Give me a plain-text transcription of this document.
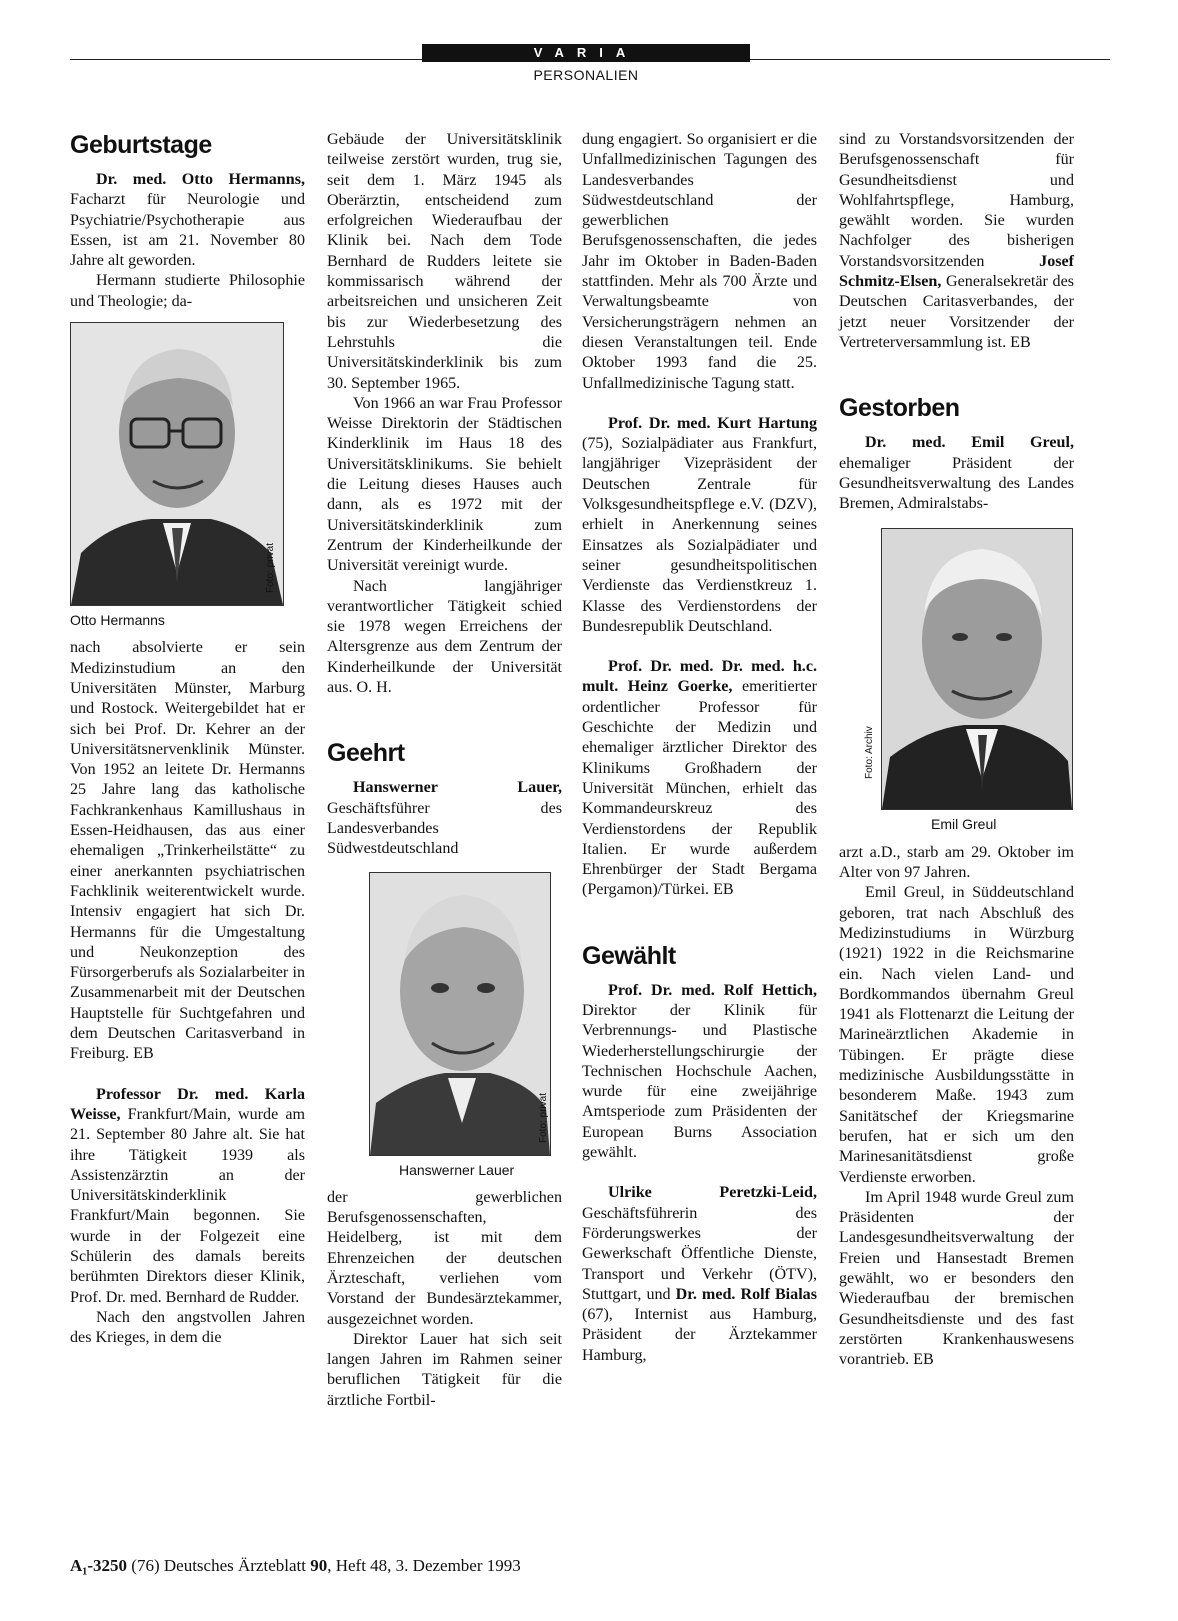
VARIA
PERSONALIEN
Geburtstage

Dr. med. Otto Hermanns, Facharzt für Neurologie und Psychiatrie/Psychotherapie aus Essen, ist am 21. November 80 Jahre alt geworden.

Hermann studierte Philosophie und Theologie; da-

Foto: privat
Otto Hermanns

nach absolvierte er sein Medizinstudium an den Universitäten Münster, Marburg und Rostock. Weitergebildet hat er sich bei Prof. Dr. Kehrer an der Universitätsnervenklinik Münster. Von 1952 an leitete Dr. Hermanns 25 Jahre lang das katholische Fachkrankenhaus Kamillushaus in Essen-Heidhausen, das aus einer ehemaligen „Trinkerheilstätte“ zu einer anerkannten psychiatrischen Fachklinik weiterentwickelt wurde. Intensiv engagiert hat sich Dr. Hermanns für die Umgestaltung und Neukonzeption des Fürsorgerberufs als Sozialarbeiter in Zusammenarbeit mit der Deutschen Hauptstelle für Suchtgefahren und dem Deutschen Caritasverband in Freiburg. EB

Professor Dr. med. Karla Weisse, Frankfurt/Main, wurde am 21. September 80 Jahre alt. Sie hat ihre Tätigkeit 1939 als Assistenzärztin an der Universitätskinderklinik Frankfurt/Main begonnen. Sie wurde in der Folgezeit eine Schülerin des damals bereits berühmten Direktors dieser Klinik, Prof. Dr. med. Bernhard de Rudder.

Nach den angstvollen Jahren des Krieges, in dem die

Gebäude der Universitätsklinik teilweise zerstört wurden, trug sie, seit dem 1. März 1945 als Oberärztin, entscheidend zum erfolgreichen Wiederaufbau der Klinik bei. Nach dem Tode Bernhard de Rudders leitete sie kommissarisch während der arbeitsreichen und unsicheren Zeit bis zur Wiederbesetzung des Lehrstuhls die Universitätskinderklinik bis zum 30. September 1965.

Von 1966 an war Frau Professor Weisse Direktorin der Städtischen Kinderklinik im Haus 18 des Universitätsklinikums. Sie behielt die Leitung dieses Hauses auch dann, als es 1972 mit der Universitätskinderklinik zum Zentrum der Kinderheilkunde der Universität vereinigt wurde.

Nach langjähriger verantwortlicher Tätigkeit schied sie 1978 wegen Erreichens der Altersgrenze aus dem Zentrum der Kinderheilkunde der Universität aus. O. H.

Geehrt

Hanswerner Lauer, Geschäftsführer des Landesverbandes Südwestdeutschland

Foto: privat
Hanswerner Lauer

der gewerblichen Berufsgenossenschaften, Heidelberg, ist mit dem Ehrenzeichen der deutschen Ärzteschaft, verliehen vom Vorstand der Bundesärztekammer, ausgezeichnet worden.

Direktor Lauer hat sich seit langen Jahren im Rahmen seiner beruflichen Tätigkeit für die ärztliche Fortbil-

dung engagiert. So organisiert er die Unfallmedizinischen Tagungen des Landesverbandes Südwestdeutschland der gewerblichen Berufsgenossenschaften, die jedes Jahr im Oktober in Baden-Baden stattfinden. Mehr als 700 Ärzte und Verwaltungsbeamte von Versicherungsträgern nehmen an diesen Veranstaltungen teil. Ende Oktober 1993 fand die 25. Unfallmedizinische Tagung statt.

Prof. Dr. med. Kurt Hartung (75), Sozialpädiater aus Frankfurt, langjähriger Vizepräsident der Deutschen Zentrale für Volksgesundheitspflege e.V. (DZV), erhielt in Anerkennung seines Einsatzes als Sozialpädiater und seiner gesundheitspolitischen Verdienste das Verdienstkreuz 1. Klasse des Verdienstordens der Bundesrepublik Deutschland.

Prof. Dr. med. Dr. med. h.c. mult. Heinz Goerke, emeritierter ordentlicher Professor für Geschichte der Medizin und ehemaliger ärztlicher Direktor des Klinikums Großhadern der Universität München, erhielt das Kommandeurskreuz des Verdienstordens der Republik Italien. Er wurde außerdem Ehrenbürger der Stadt Bergama (Pergamon)/Türkei. EB

Gewählt

Prof. Dr. med. Rolf Hettich, Direktor der Klinik für Verbrennungs- und Plastische Wiederherstellungschirurgie der Technischen Hochschule Aachen, wurde für eine zweijährige Amtsperiode zum Präsidenten der European Burns Association gewählt.

Ulrike Peretzki-Leid, Geschäftsführerin des Förderungswerkes der Gewerkschaft Öffentliche Dienste, Transport und Verkehr (ÖTV), Stuttgart, und Dr. med. Rolf Bialas (67), Internist aus Hamburg, Präsident der Ärztekammer Hamburg,

sind zu Vorstandsvorsitzenden der Berufsgenossenschaft für Gesundheitsdienst und Wohlfahrtspflege, Hamburg, gewählt worden. Sie wurden Nachfolger des bisherigen Vorstandsvorsitzenden Josef Schmitz-Elsen, Generalsekretär des Deutschen Caritasverbandes, der jetzt neuer Vorsitzender der Vertreterversammlung ist. EB

Gestorben

Dr. med. Emil Greul, ehemaliger Präsident der Gesundheitsverwaltung des Landes Bremen, Admiralstabs-

Foto: Archiv
Emil Greul

arzt a.D., starb am 29. Oktober im Alter von 97 Jahren.

Emil Greul, in Süddeutschland geboren, trat nach Abschluß des Medizinstudiums in Würzburg (1921) 1922 in die Reichsmarine ein. Nach vielen Land- und Bordkommandos übernahm Greul 1941 als Flottenarzt die Leitung der Marineärztlichen Akademie in Tübingen. Er prägte diese medizinische Ausbildungsstätte in besonderem Maße. 1943 zum Sanitätschef der Kriegsmarine berufen, hat er sich um den Marinesanitätsdienst große Verdienste erworben.

Im April 1948 wurde Greul zum Präsidenten der Landesgesundheitsverwaltung der Freien und Hansestadt Bremen gewählt, wo er besonders den Wiederaufbau der bremischen Gesundheitsdienste und des fast zerstörten Krankenhauswesens vorantrieb. EB

A₁-3250 (76) Deutsches Ärzteblatt 90, Heft 48, 3. Dezember 1993
